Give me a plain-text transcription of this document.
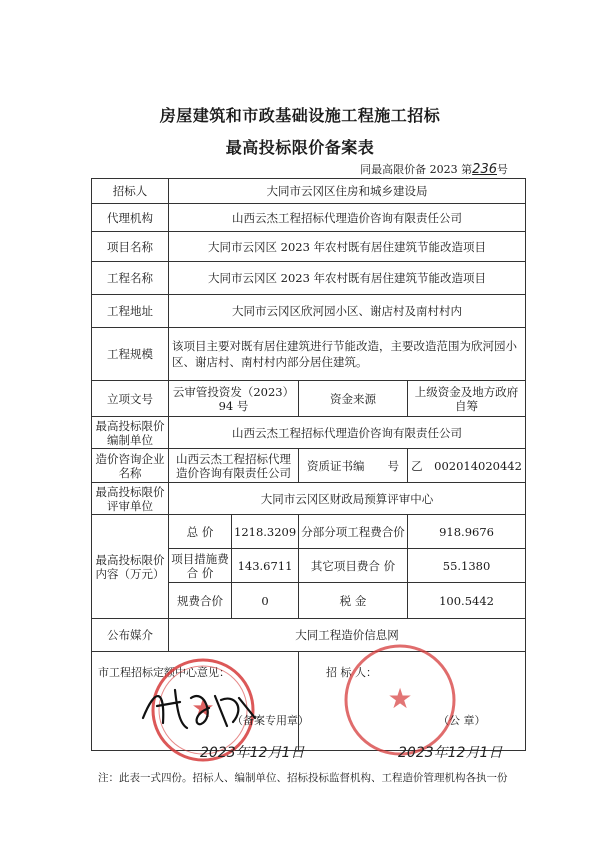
房屋建筑和市政基础设施工程施工招标
最高投标限价备案表
同最高限价备 2023 第236号
招标人	大同市云冈区住房和城乡建设局			
代理机构	山西云杰工程招标代理造价咨询有限责任公司			
项目名称	大同市云冈区 2023 年农村既有居住建筑节能改造项目			
工程名称	大同市云冈区 2023 年农村既有居住建筑节能改造项目			
工程地址	大同市云冈区欣河园小区、谢店村及南村村内			
工程规模	该项目主要对既有居住建筑进行节能改造，主要改造范围为欣河园小区、谢店村、南村村内部分居住建筑。			
立项文号	云审管投资发（2023）94 号		资金来源	上级资金及地方政府自筹
最高投标限价编制单位	山西云杰工程招标代理造价咨询有限责任公司			
造价咨询企业名称	山西云杰工程招标代理造价咨询有限责任公司		资质证书编　　号	乙　002014020442
最高投标限价评审单位	大同市云冈区财政局预算评审中心			
最高投标限价内容（万元）	总 价	1218.3209	分部分项工程费合价	918.9676
	项目措施费合 价	143.6711	其它项目费合 价	55.1380
	规费合价	0	税 金	100.5442
公布媒介	大同工程造价信息网			

市工程招标定额中心意见：	招 标 人：
★ （备案专用章）
2023年12月1日
★
（公 章）
2023年12月1日
注：此表一式四份。招标人、编制单位、招标投标监督机构、工程造价管理机构各执一份
